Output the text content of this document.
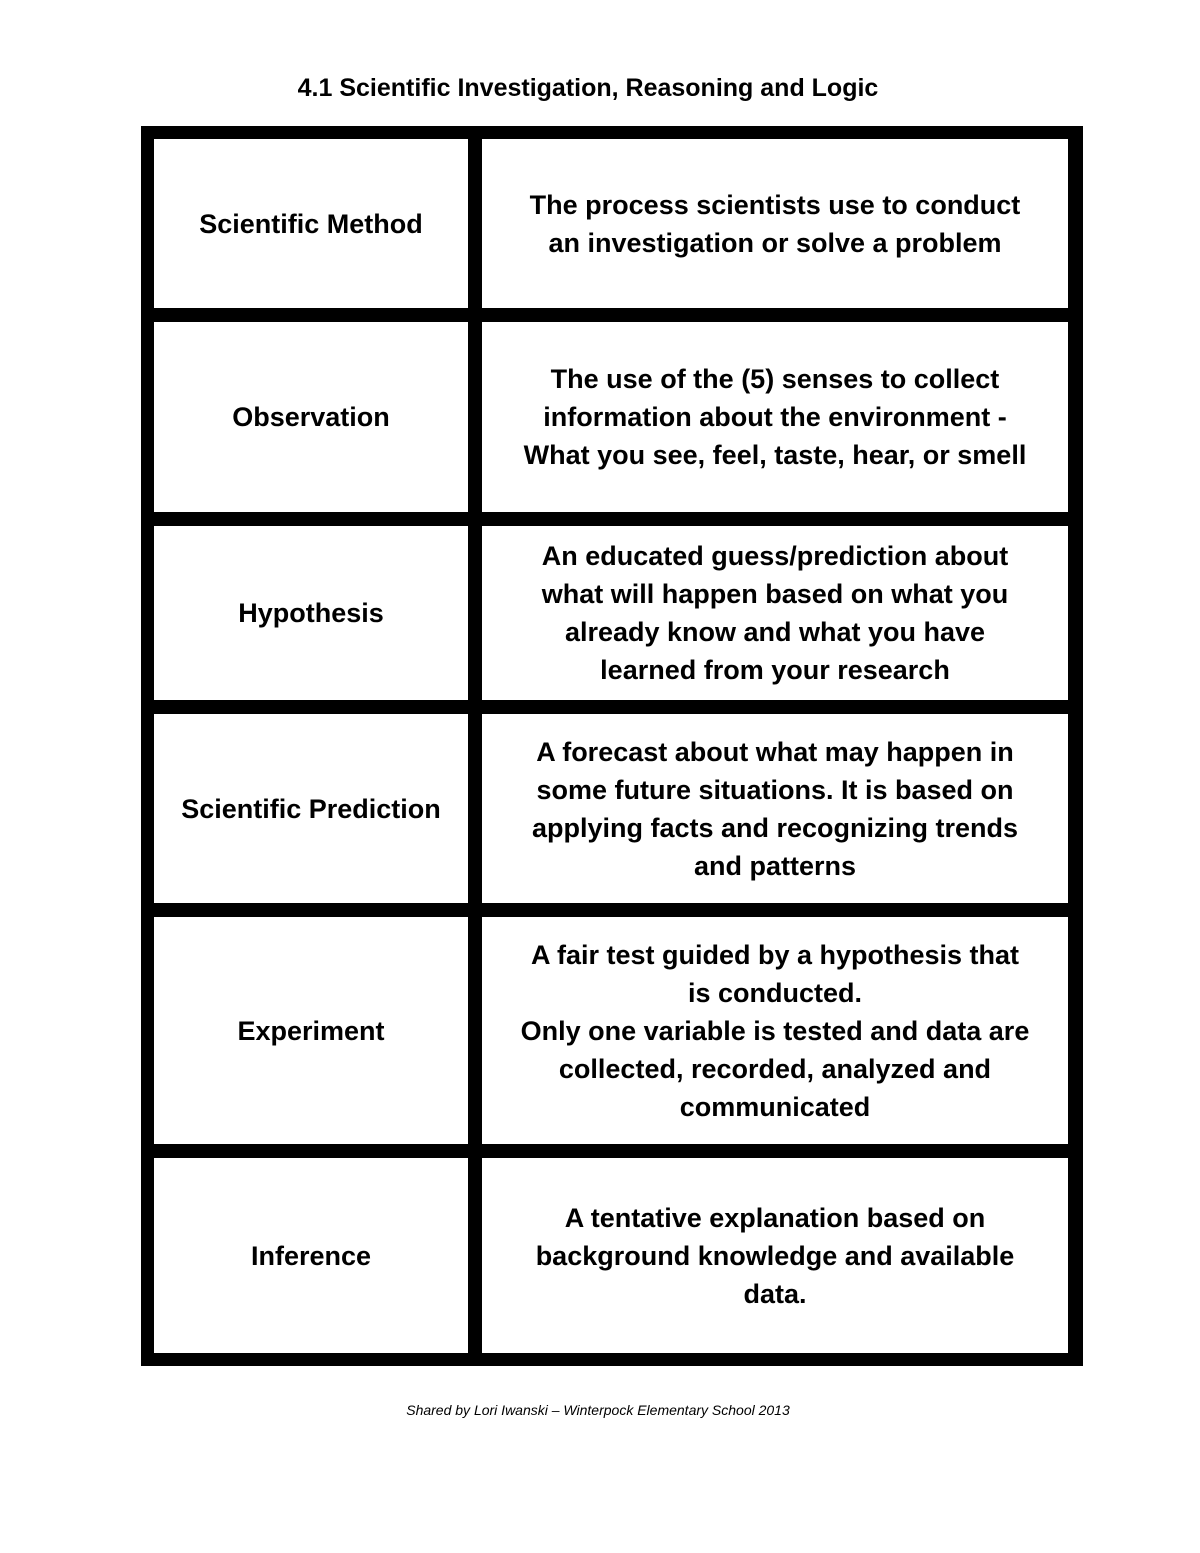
4.1 Scientific Investigation, Reasoning and Logic
Scientific Method
The process scientists use to conduct
an investigation or solve a problem
Observation
The use of the (5) senses to collect
information about the environment -
What you see, feel, taste, hear, or smell
Hypothesis
An educated guess/prediction about
what will happen based on what you
already know and what you have
learned from your research
Scientific Prediction
A forecast about what may happen in
some future situations. It is based on
applying facts and recognizing trends
and patterns
Experiment
A fair test guided by a hypothesis that
is conducted.
Only one variable is tested and data are
collected, recorded, analyzed and
communicated
Inference
A tentative explanation based on
background knowledge and available
data.
Shared by Lori Iwanski – Winterpock Elementary School 2013
